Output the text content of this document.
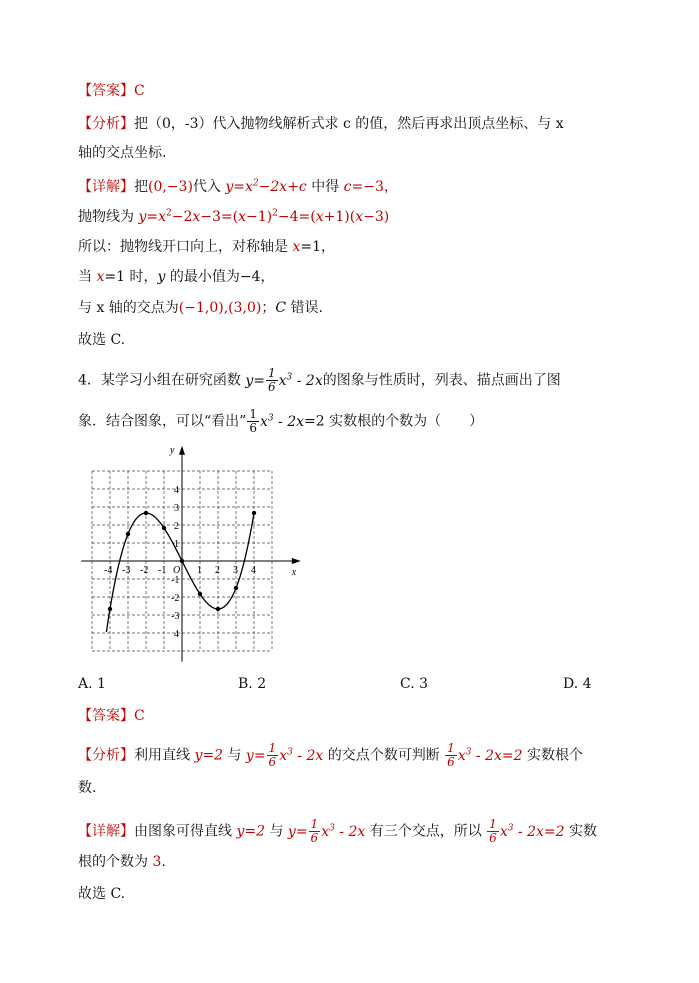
【答案】C
【分析】把（0，-3）代入抛物线解析式求 c 的值，然后再求出顶点坐标、与 x
轴的交点坐标.
【详解】把(0,−3)代入 $y=x^2-2x+c$ 中得 c=−3，
抛物线为 $y=x^2-2x-3=(x-1)^2-4=(x+1)(x-3)$
所以：抛物线开口向上，对称轴是 x=1，
当 x=1 时，y 的最小值为−4，
与 x 轴的交点为(−1,0),(3,0)；C 错误.
故选 C.
4．某学习小组在研究函数 $y= \frac{1}{6} x^3 - 2x$的图象与性质时，列表、描点画出了图
象．结合图象，可以“看出” $\frac{1}{6} x^3 - 2x=2$ 实数根的个数为（　　）
-4 -3 -2 -1	1 2 3 4
4
3
2
1
-1
-2
-3
4
O	x
y
A. 1	B. 2	C. 3	D. 4
【答案】C
【分析】利用直线 y=2 与 $y= \frac{1}{6} x^3 - 2x$ 的交点个数可判断 $\frac{1}{6} x^3 - 2x=2$ 实数根个
数.
【详解】由图象可得直线 y=2 与 $y= \frac{1}{6} x^3 - 2x$ 有三个交点，所以 $\frac{1}{6} x^3 - 2x=2$ 实数
根的个数为 3.
故选 C.
